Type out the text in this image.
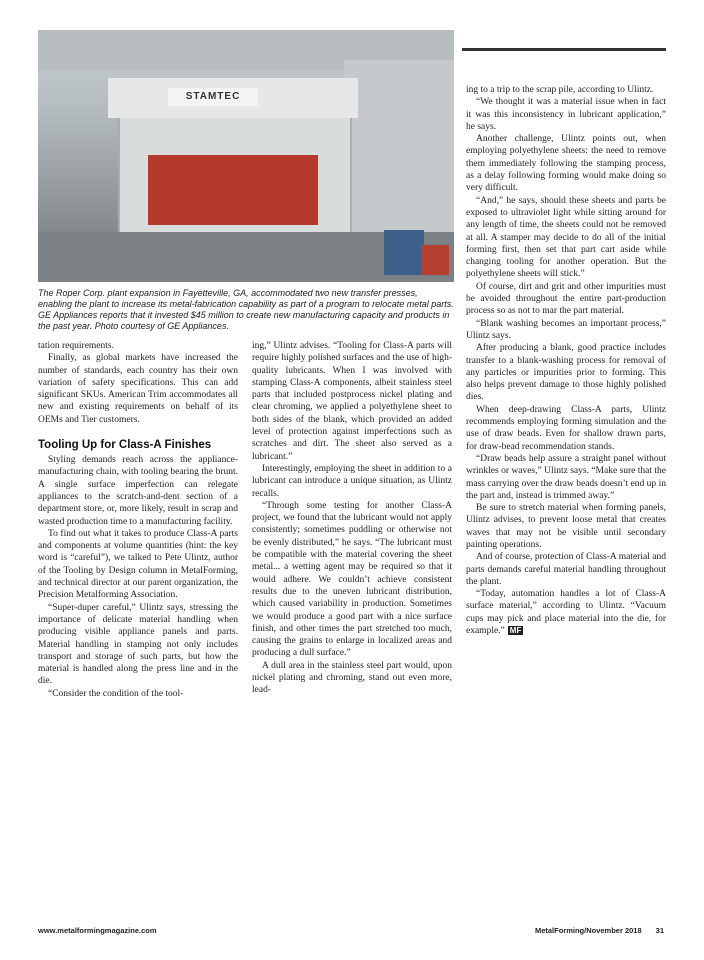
STAMTEC

The Roper Corp. plant expansion in Fayetteville, GA, accommodated two new transfer presses, enabling the plant to increase its metal-fabrication capability as part of a program to relocate metal parts. GE Appliances reports that it invested $45 million to create new manufacturing capacity and products in the past year. Photo courtesy of GE Appliances.

tation requirements.

Finally, as global markets have increased the number of standards, each country has their own variation of safety specifications. This can add significant SKUs. American Trim accommodates all new and existing requirements on behalf of its OEMs and Tier customers.

Tooling Up for Class-A Finishes

Styling demands reach across the appliance-manufacturing chain, with tooling bearing the brunt. A single surface imperfection can relegate appliances to the scratch-and-dent section of a department store, or, more likely, result in scrap and wasted production time to a manufacturing facility.

To find out what it takes to produce Class-A parts and components at volume quantities (hint: the key word is “careful”), we talked to Pete Ulintz, author of the Tooling by Design column in MetalForming, and technical director at our parent organization, the Precision Metalforming Association.

“Super-duper careful,” Ulintz says, stressing the importance of delicate material handling when producing visible appliance panels and parts. Material handling in stamping not only includes transport and storage of such parts, but how the material is handled along the press line and in the die.

“Consider the condition of the tool-

ing,” Ulintz advises. “Tooling for Class-A parts will require highly polished surfaces and the use of high-quality lubricants. When I was involved with stamping Class-A components, albeit stainless steel parts that included postprocess nickel plating and clear chroming, we applied a polyethylene sheet to both sides of the blank, which provided an added level of protection against imperfections such as scratches and dirt. The sheet also served as a lubricant.”

Interestingly, employing the sheet in addition to a lubricant can introduce a unique situation, as Ulintz recalls.

“Through some testing for another Class-A project, we found that the lubricant would not apply consistently; sometimes puddling or otherwise not be evenly distributed,” he says. “The lubricant must be compatible with the material covering the sheet metal... a wetting agent may be required so that it would adhere. We couldn’t achieve consistent results due to the uneven lubricant distribution, which caused variability in production. Sometimes we would produce a good part with a nice surface finish, and other times the part stretched too much, causing the grains to enlarge in localized areas and producing a dull surface.”

A dull area in the stainless steel part would, upon nickel plating and chroming, stand out even more, lead-

ing to a trip to the scrap pile, according to Ulintz.

“We thought it was a material issue when in fact it was this inconsistency in lubricant application,” he says.

Another challenge, Ulintz points out, when employing polyethylene sheets: the need to remove them immediately following the stamping process, as a delay following forming would make doing so very difficult.

“And,” he says, should these sheets and parts be exposed to ultraviolet light while sitting around for any length of time, the sheets could not be removed at all. A stamper may decide to do all of the initial forming first, then set that part cart aside while changing tooling for another operation. But the polyethylene sheets will stick.”

Of course, dirt and grit and other impurities must be avoided throughout the entire part-production process so as not to mar the part material.

“Blank washing becomes an important process,” Ulintz says.

After producing a blank, good practice includes transfer to a blank-washing process for removal of any particles or impurities prior to forming. This also helps prevent damage to those highly polished dies.

When deep-drawing Class-A parts, Ulintz recommends employing forming simulation and the use of draw beads. Even for shallow drawn parts, for draw-bead recommendation stands.

“Draw beads help assure a straight panel without wrinkles or waves,” Ulintz says. “Make sure that the mass carrying over the draw beads doesn’t end up in the part and, instead is trimmed away.”

Be sure to stretch material when forming panels, Ulintz advises, to prevent loose metal that creates waves that may not be visible until secondary painting operations.

And of course, protection of Class-A material and parts demands careful material handling throughout the plant.

“Today, automation handles a lot of Class-A surface material,” according to Ulintz. “Vacuum cups may pick and place material into the die, for example.” MF

www.metalformingmagazine.com	MetalForming/November 2018 31
